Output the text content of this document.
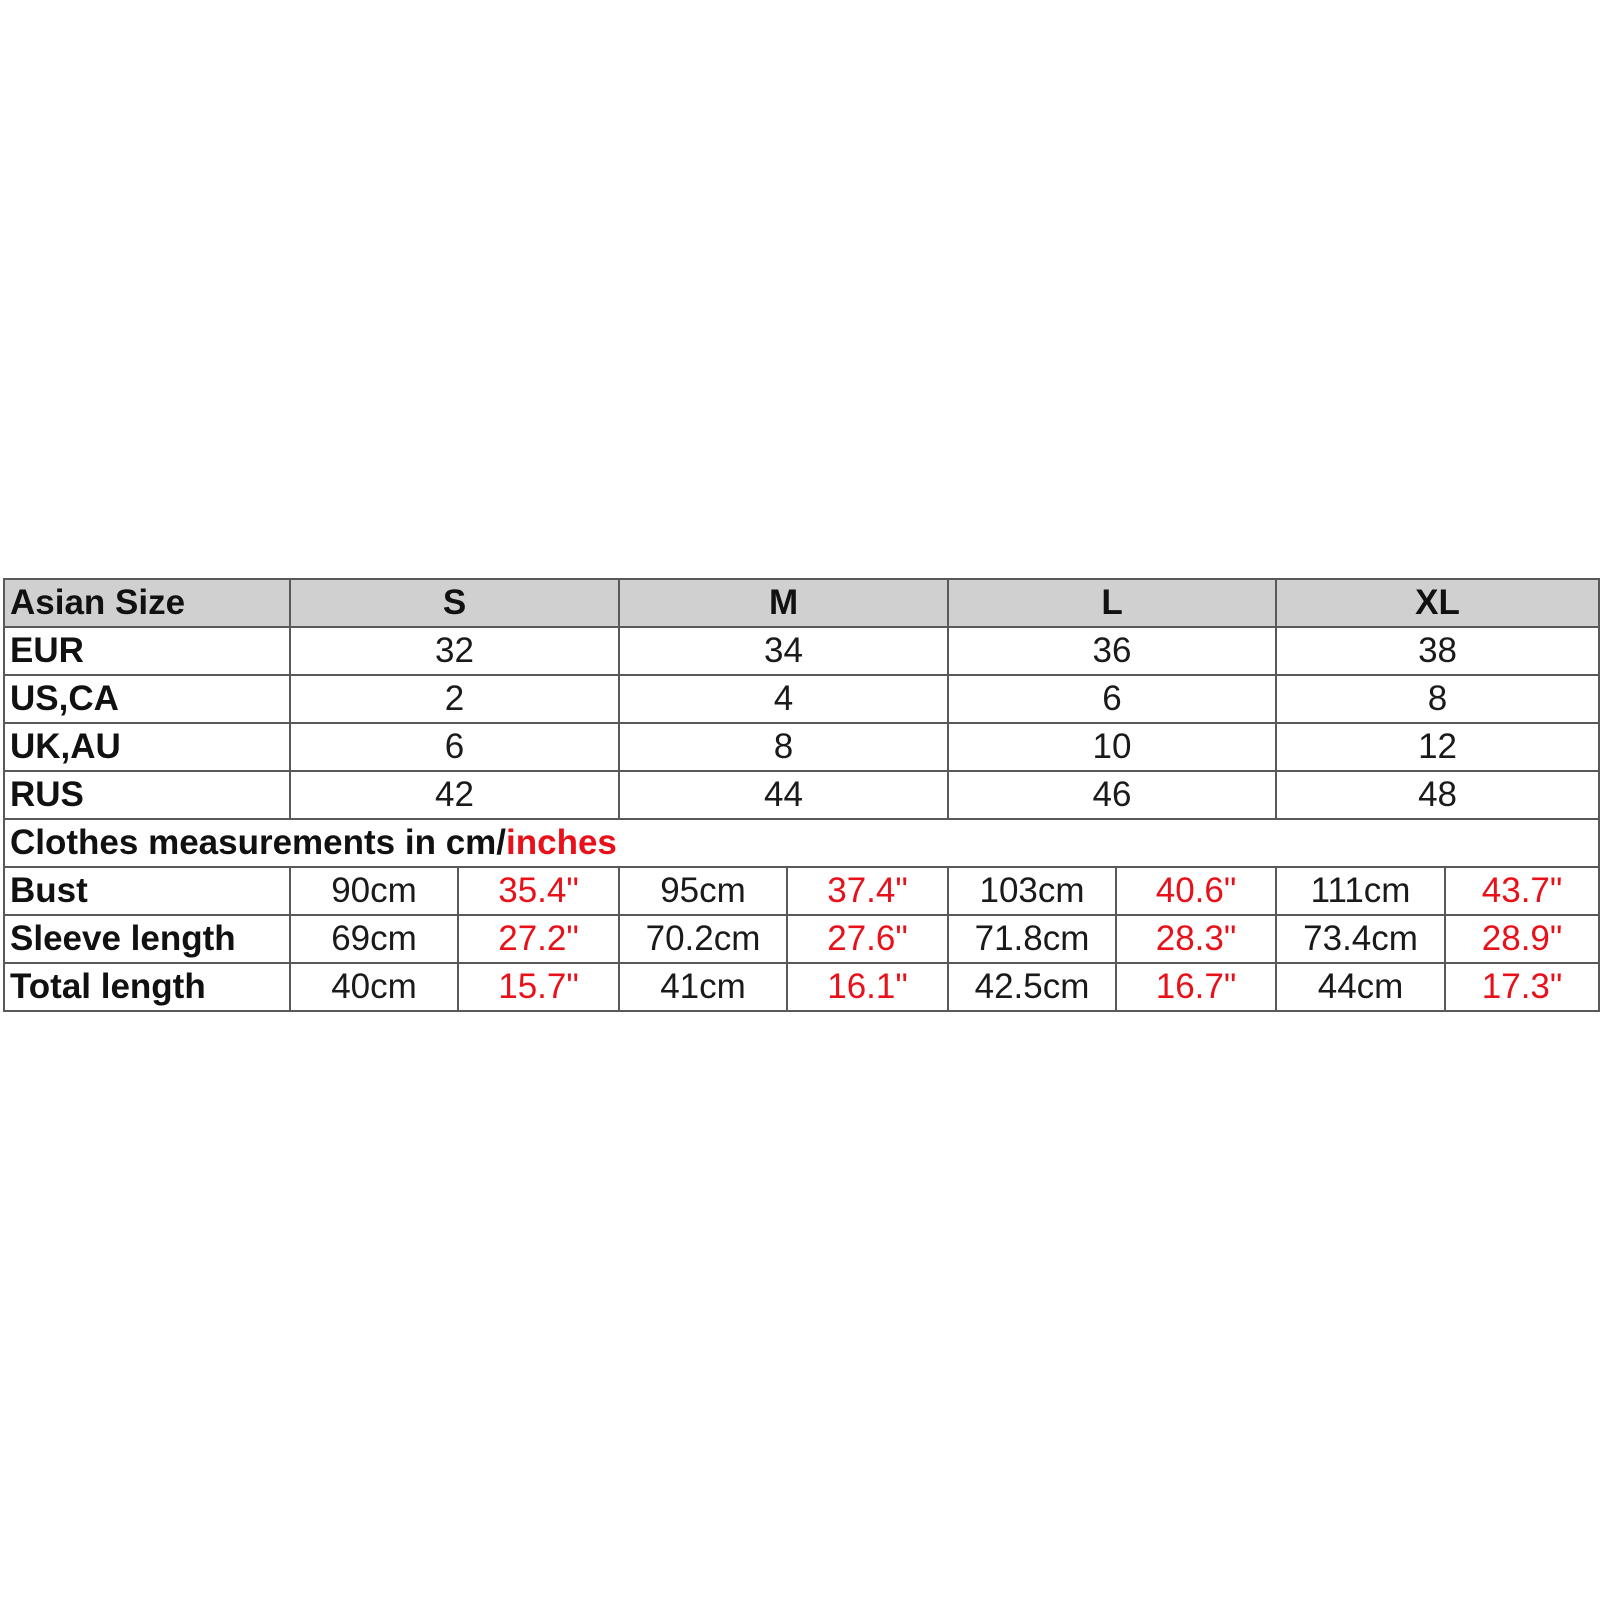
Asian Size	S		M		L		XL	
EUR	32		34		36		38	
US,CA	2		4		6		8	
UK,AU	6		8		10		12	
RUS	42		44		46		48	
Clothes measurements in cm/inches								
Bust	90cm	35.4"	95cm	37.4"	103cm	40.6"	111cm	43.7"
Sleeve length	69cm	27.2"	70.2cm	27.6"	71.8cm	28.3"	73.4cm	28.9"
Total length	40cm	15.7"	41cm	16.1"	42.5cm	16.7"	44cm	17.3"
